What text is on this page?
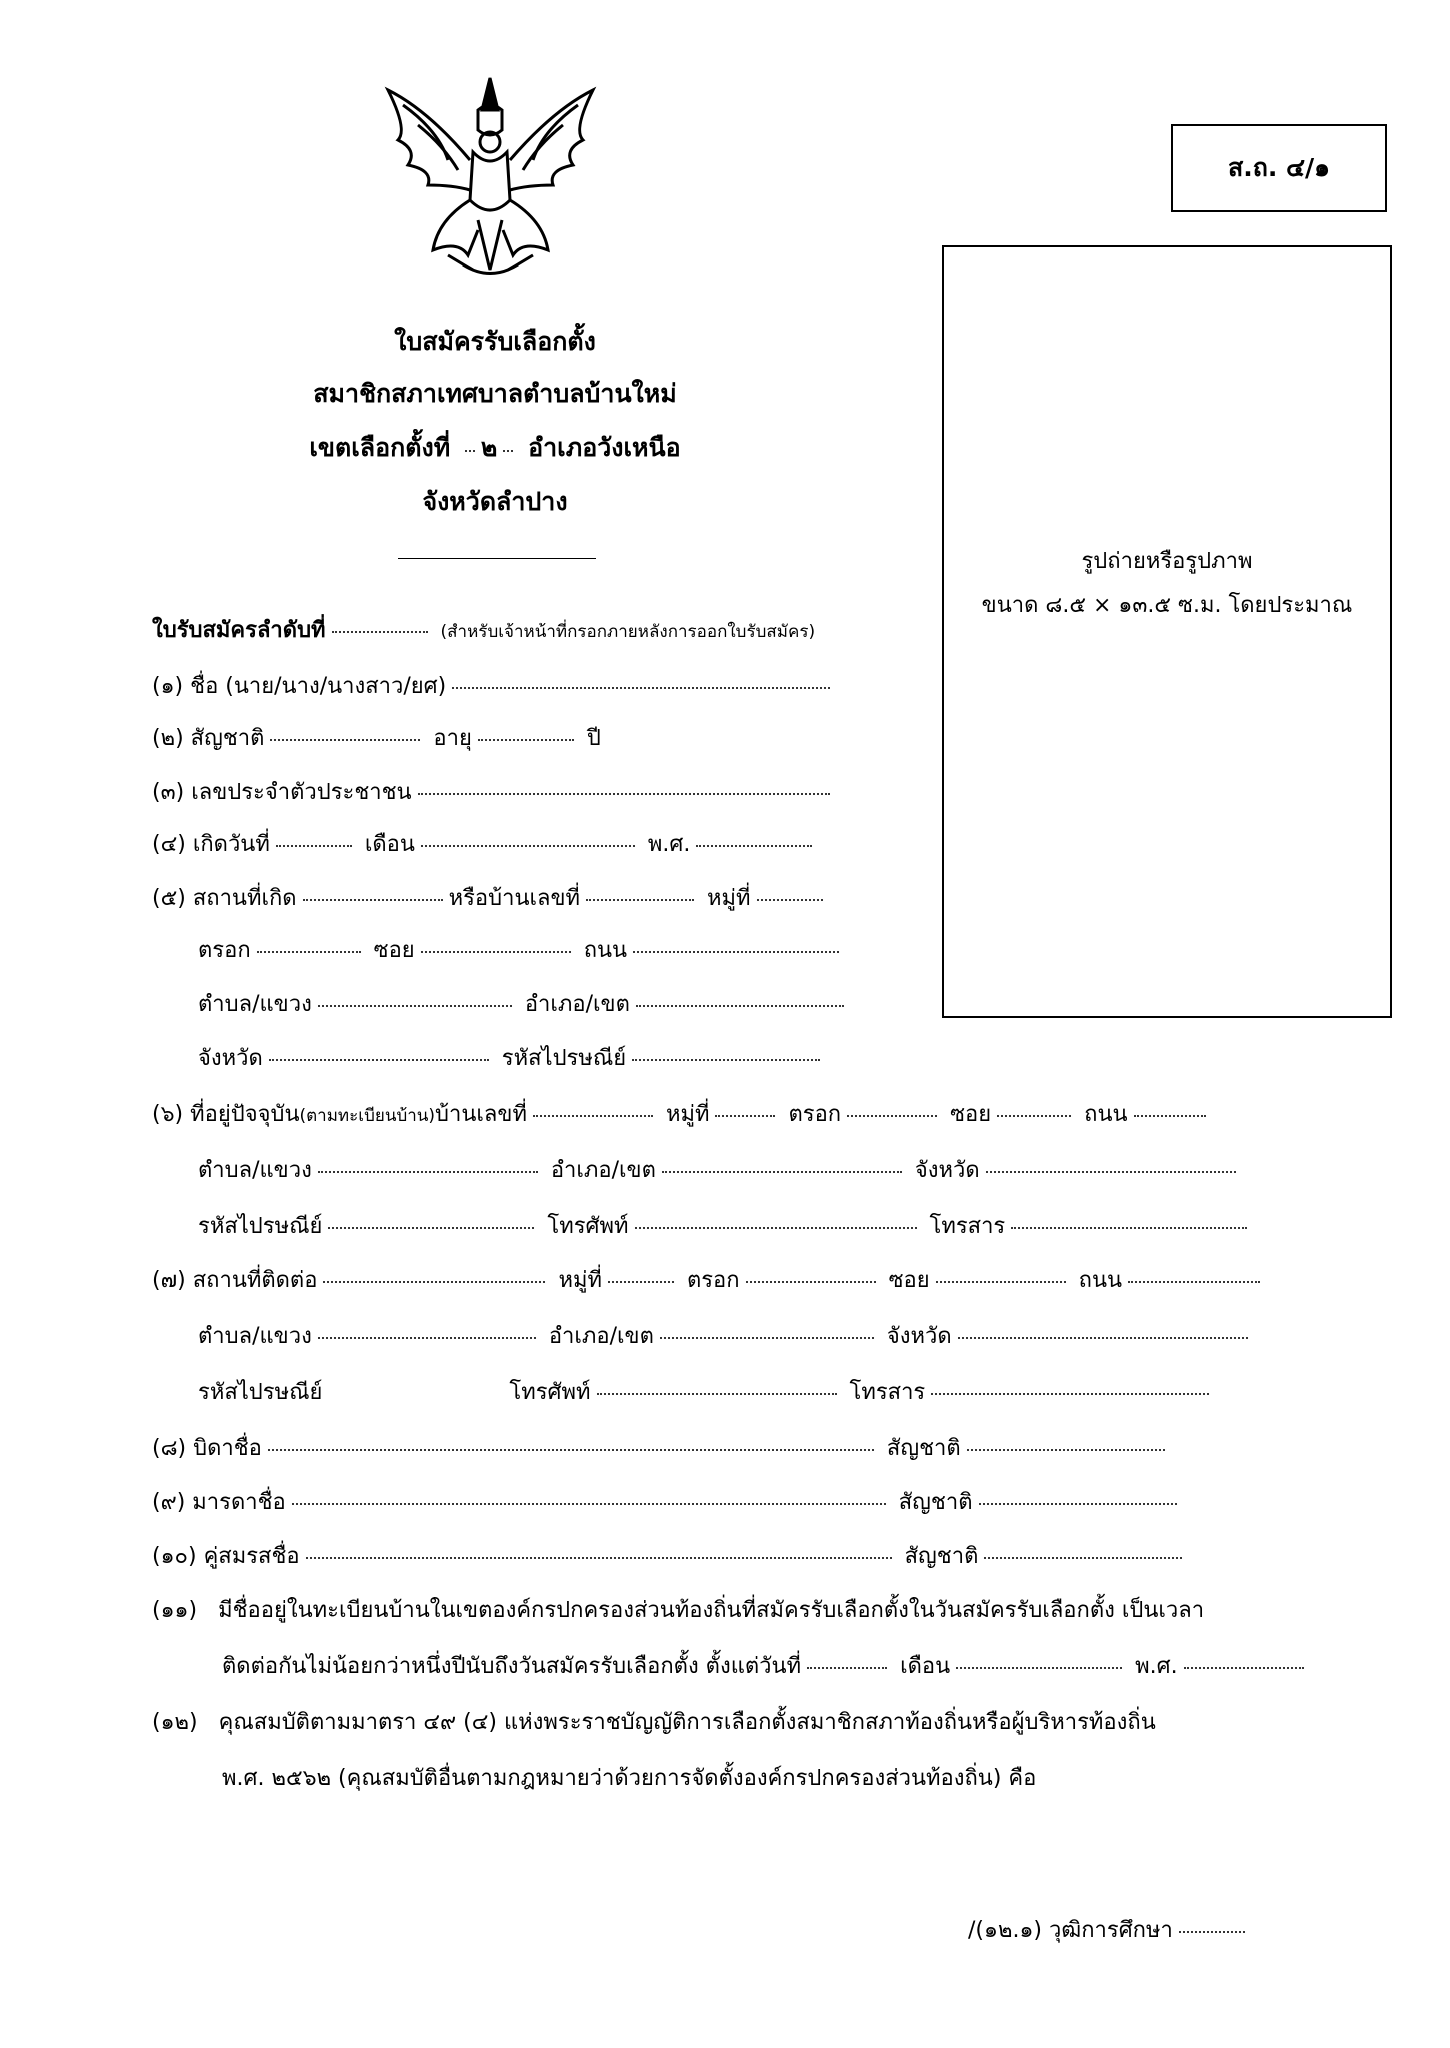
ส.ถ. ๔/๑
รูปถ่ายหรือรูปภาพ
ขนาด ๘.๕ × ๑๓.๕ ซ.ม. โดยประมาณ
ใบสมัครรับเลือกตั้ง
สมาชิกสภาเทศบาลตำบลบ้านใหม่
เขตเลือกตั้งที่ ๒ อำเภอวังเหนือ
จังหวัดลำปาง
ใบรับสมัครลำดับที่	(สำหรับเจ้าหน้าที่กรอกภายหลังการออกใบรับสมัคร)
(๑) ชื่อ (นาย/นาง/นางสาว/ยศ)
(๒) สัญชาติ	อายุ	ปี
(๓) เลขประจำตัวประชาชน
(๔) เกิดวันที่	เดือน	พ.ศ.
(๕) สถานที่เกิด	หรือบ้านเลขที่	หมู่ที่
ตรอก	ซอย	ถนน
ตำบล/แขวง	อำเภอ/เขต
จังหวัด	รหัสไปรษณีย์
(๖) ที่อยู่ปัจจุบัน(ตามทะเบียนบ้าน)บ้านเลขที่	หมู่ที่	ตรอก	ซอย	ถนน
ตำบล/แขวง	อำเภอ/เขต	จังหวัด
รหัสไปรษณีย์	โทรศัพท์	โทรสาร
(๗) สถานที่ติดต่อ	หมู่ที่	ตรอก	ซอย	ถนน
ตำบล/แขวง	อำเภอ/เขต	จังหวัด
รหัสไปรษณีย์	โทรศัพท์	โทรสาร
(๘) บิดาชื่อ	สัญชาติ
(๙) มารดาชื่อ	สัญชาติ
(๑๐) คู่สมรสชื่อ	สัญชาติ
(๑๑) มีชื่ออยู่ในทะเบียนบ้านในเขตองค์กรปกครองส่วนท้องถิ่นที่สมัครรับเลือกตั้งในวันสมัครรับเลือกตั้ง เป็นเวลา
ติดต่อกันไม่น้อยกว่าหนึ่งปีนับถึงวันสมัครรับเลือกตั้ง ตั้งแต่วันที่	เดือน	พ.ศ.
(๑๒) คุณสมบัติตามมาตรา ๔๙ (๔) แห่งพระราชบัญญัติการเลือกตั้งสมาชิกสภาท้องถิ่นหรือผู้บริหารท้องถิ่น
พ.ศ. ๒๕๖๒ (คุณสมบัติอื่นตามกฎหมายว่าด้วยการจัดตั้งองค์กรปกครองส่วนท้องถิ่น) คือ
/(๑๒.๑) วุฒิการศึกษา
